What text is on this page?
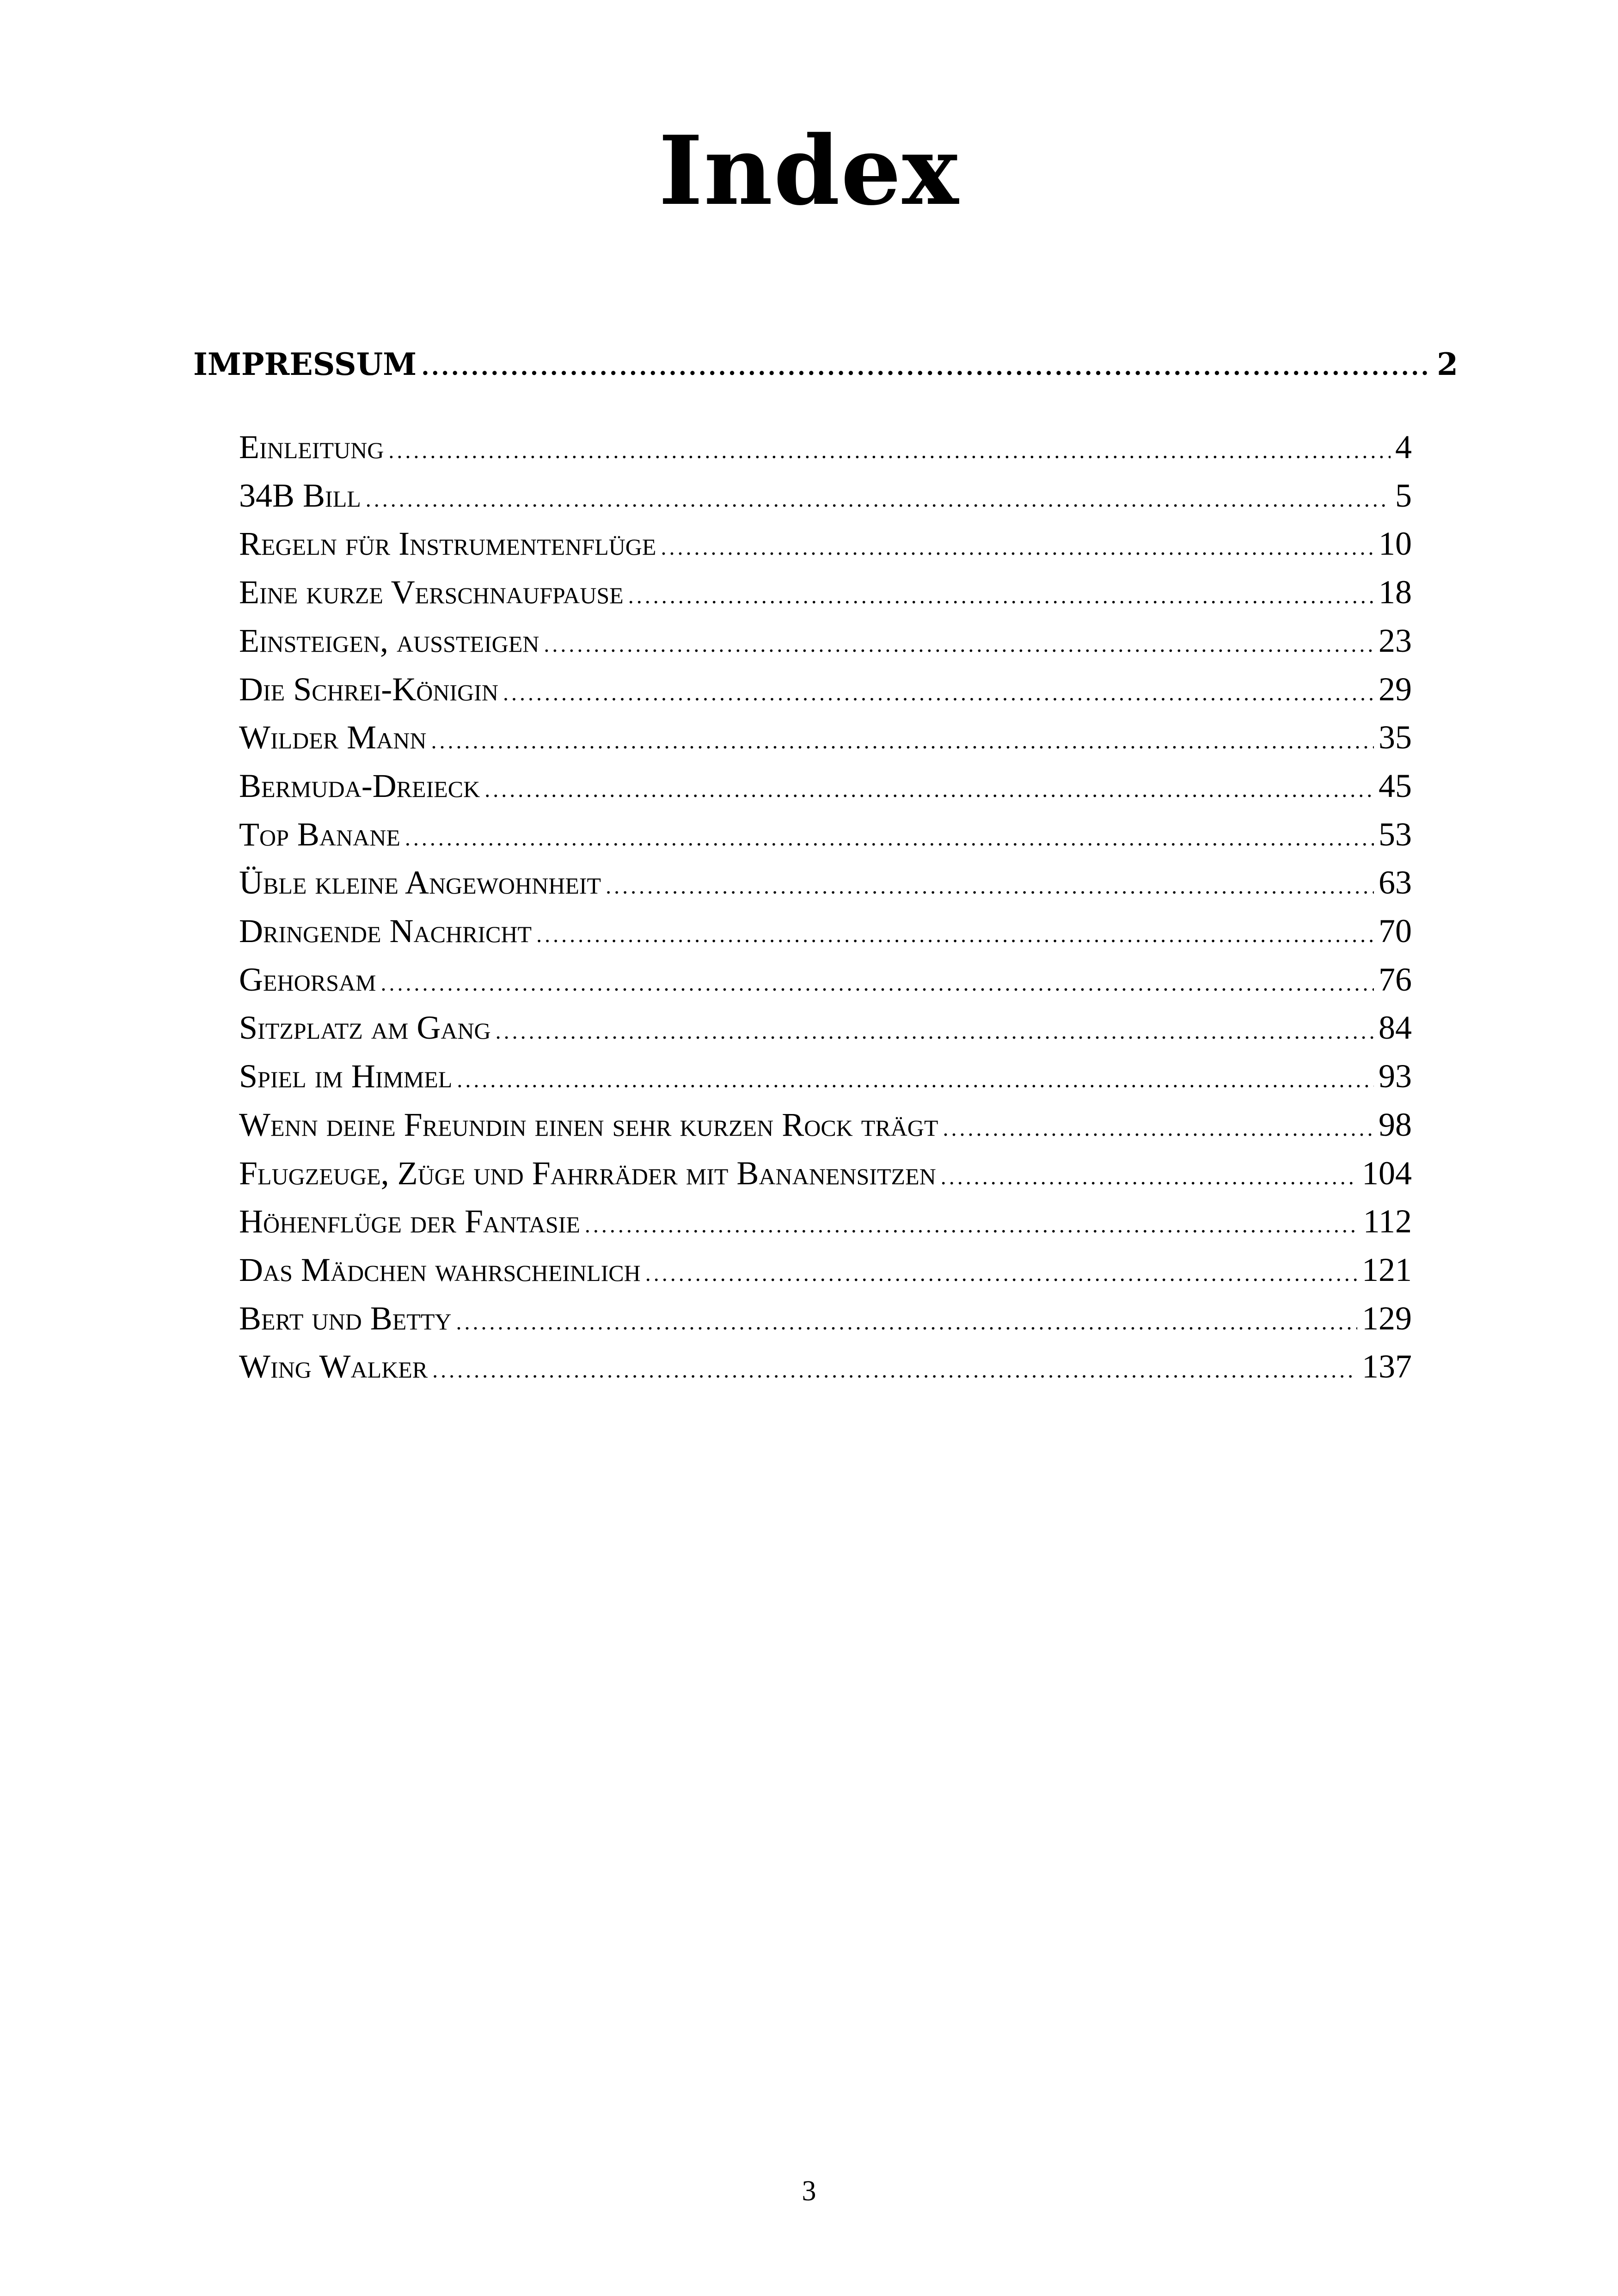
Index
IMPRESSUM .....	2
Einleitung .....	4
34B Bill .....	5
Regeln für Instrumentenflüge .....	10
Eine kurze Verschnaufpause .....	18
Einsteigen, aussteigen .....	23
Die Schrei-Königin .....	29
Wilder Mann .....	35
Bermuda-Dreieck .....	45
Top Banane .....	53
Üble kleine Angewohnheit .....	63
Dringende Nachricht .....	70
Gehorsam .....	76
Sitzplatz am Gang .....	84
Spiel im Himmel .....	93
Wenn deine Freundin einen sehr kurzen Rock trägt .....	98
Flugzeuge, Züge und Fahrräder mit Bananensitzen .....	104
Höhenflüge der Fantasie .....	112
Das Mädchen wahrscheinlich .....	121
Bert und Betty .....	129
Wing Walker .....	137
3
